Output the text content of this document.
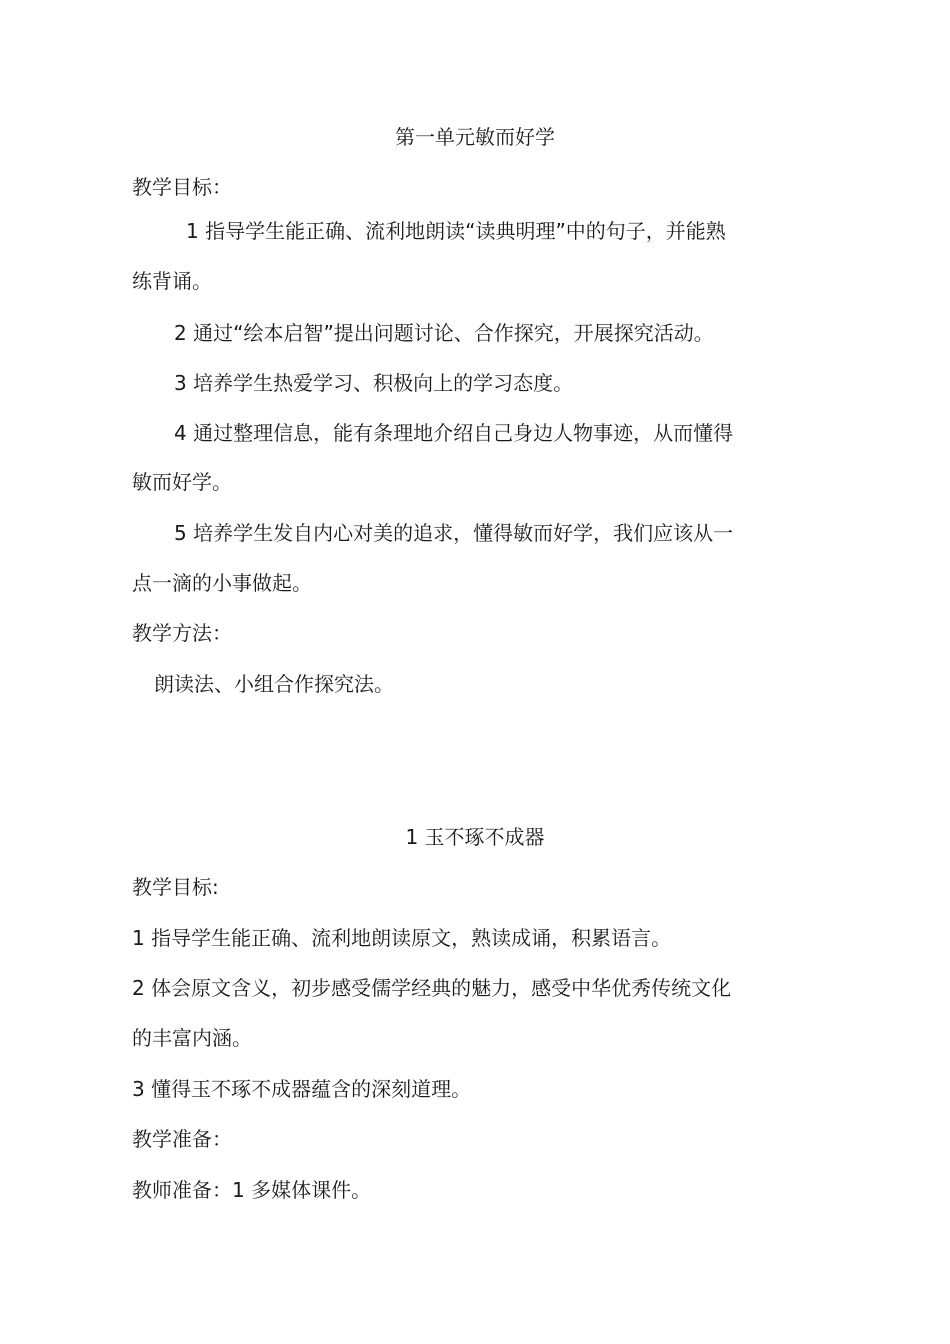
第一单元敏而好学
教学目标：
1 指导学生能正确、流利地朗读“读典明理”中的句子，并能熟
练背诵。
2 通过“绘本启智”提出问题讨论、合作探究，开展探究活动。
3 培养学生热爱学习、积极向上的学习态度。
4 通过整理信息，能有条理地介绍自己身边人物事迹，从而懂得
敏而好学。
5 培养学生发自内心对美的追求，懂得敏而好学，我们应该从一
点一滴的小事做起。
教学方法：
朗读法、小组合作探究法。
1 玉不琢不成器
教学目标:
1 指导学生能正确、流利地朗读原文，熟读成诵，积累语言。
2 体会原文含义，初步感受儒学经典的魅力，感受中华优秀传统文化
的丰富内涵。
3 懂得玉不琢不成器蕴含的深刻道理。
教学准备：
教师准备：1 多媒体课件。
